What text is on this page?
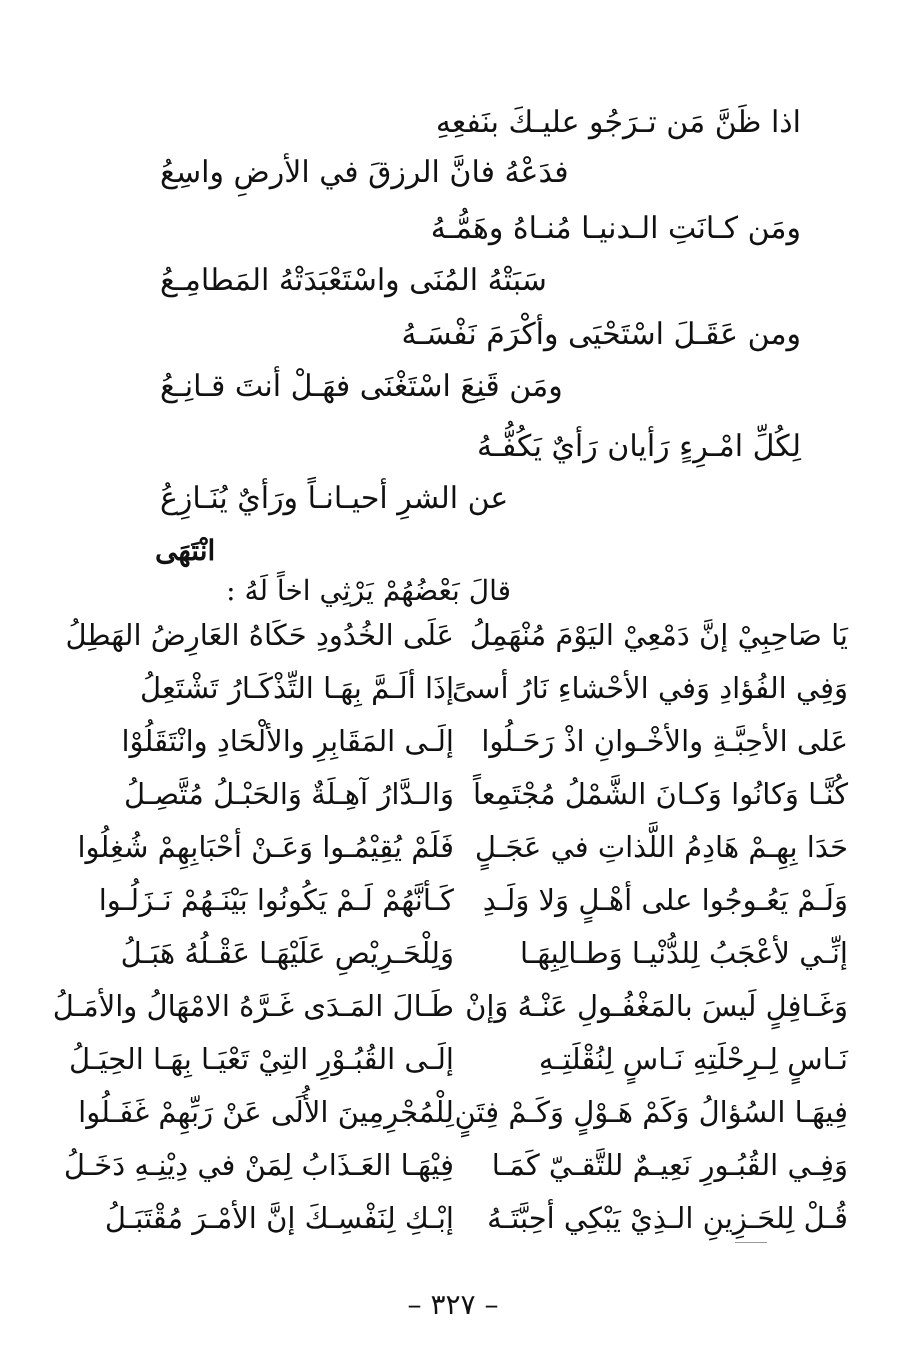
اذا ظَنَّ مَن تـرَجُو عليـكَ بنَفعِهِ
فدَعْهُ فانَّ الرزقَ في الأرضِ واسِعُ
ومَن كـانَتِ الـدنيـا مُنـاهُ وهَمُّـهُ
سَبَتْهُ المُنَى واسْتَعْبَدَتْهُ المَطامِـعُ
ومن عَقَـلَ اسْتَحْيَى وأكْرَمَ نَفْسَـهُ
ومَن قَنِعَ اسْتَغْنَى فهَـلْ أنتَ قـانِـعُ
لِكُلِّ امْـرِءٍ رَأيان رَأيٌ يَكُفُّـهُ
عن الشرِ أحيـانـاً ورَأيٌ يُنَـازِعُ
انْتَهَى
قالَ بَعْضُهُمْ يَرْثِي اخاً لَهُ :
يَا صَاحِبِيْ إنَّ دَمْعِيْ اليَوْمَ مُنْهَمِلُ
وَفِي الفُؤادِ وَفي الأحْشاءِ نَارُ أسىً
عَلى الأحِبَّـةِ والأخْـوانِ اذْ رَحَـلُوا
كُنَّـا وَكانُوا وَكـانَ الشَّمْلُ مُجْتَمِعاً
حَدَا بِهِـمْ هَادِمُ اللَّذاتِ في عَجَـلٍ
وَلَـمْ يَعُـوجُوا على أهْـلٍ وَلا وَلَـدِ
إنِّـي لأعْجَبُ لِلدُّنْيـا وَطـالِبِهَـا
وَغَـافِلٍ لَيسَ بالمَغْفُـولِ عَنْـهُ وَإنْ
نَـاسٍ لِـرِحْلَتِهِ نَـاسٍ لِنُقْلَتِـهِ
فِيهَـا السُؤالُ وَكَمْ هَـوْلٍ وَكَـمْ فِتَنٍ
وَفِـي القُبُـورِ نَعِيـمٌ للتَّقـيّ كَمَـا
قُـلْ لِلحَـزِينِ الـذِيْ يَبْكِي أحِبَّتَـهُ
عَلَى الخُدُودِ حَكَاهُ العَارِضُ الهَطِلُ
إذَا ألَـمَّ بِهَـا التِّذْكَـارُ تَشْتَعِلُ
إلَـى المَقَابِرِ والألْحَادِ وانْتَقَلُوْا
وَالـدَّارُ آهِـلَةٌ وَالحَبْـلُ مُتَّصِـلُ
فَلَمْ يُقِيْمُـوا وَعَـنْ أحْبَابِهِمْ شُغِلُوا
كَـأنَّهُمْ لَـمْ يَكُونُوا بَيْنَـهُمْ نَـزَلُـوا
وَلِلْحَـرِيْصِ عَلَيْهَـا عَقْـلُهُ هَبَـلُ
طَـالَ المَـدَى غَـرَّهُ الامْهَالُ والأمَـلُ
إلَـى القُبُـوْرِ التِيْ تَعْيَـا بِهَـا الحِيَـلُ
لِلْمُجْرِمِينَ الأُلَى عَنْ رَبِّهِمْ غَفَـلُوا
فِيْهَـا العَـذَابُ لِمَنْ في دِيْنِـهِ دَخَـلُ
إبْـكِ لِنَفْسِـكَ إنَّ الأمْـرَ مُقْتَبَـلُ
– ٣٢٧ –
